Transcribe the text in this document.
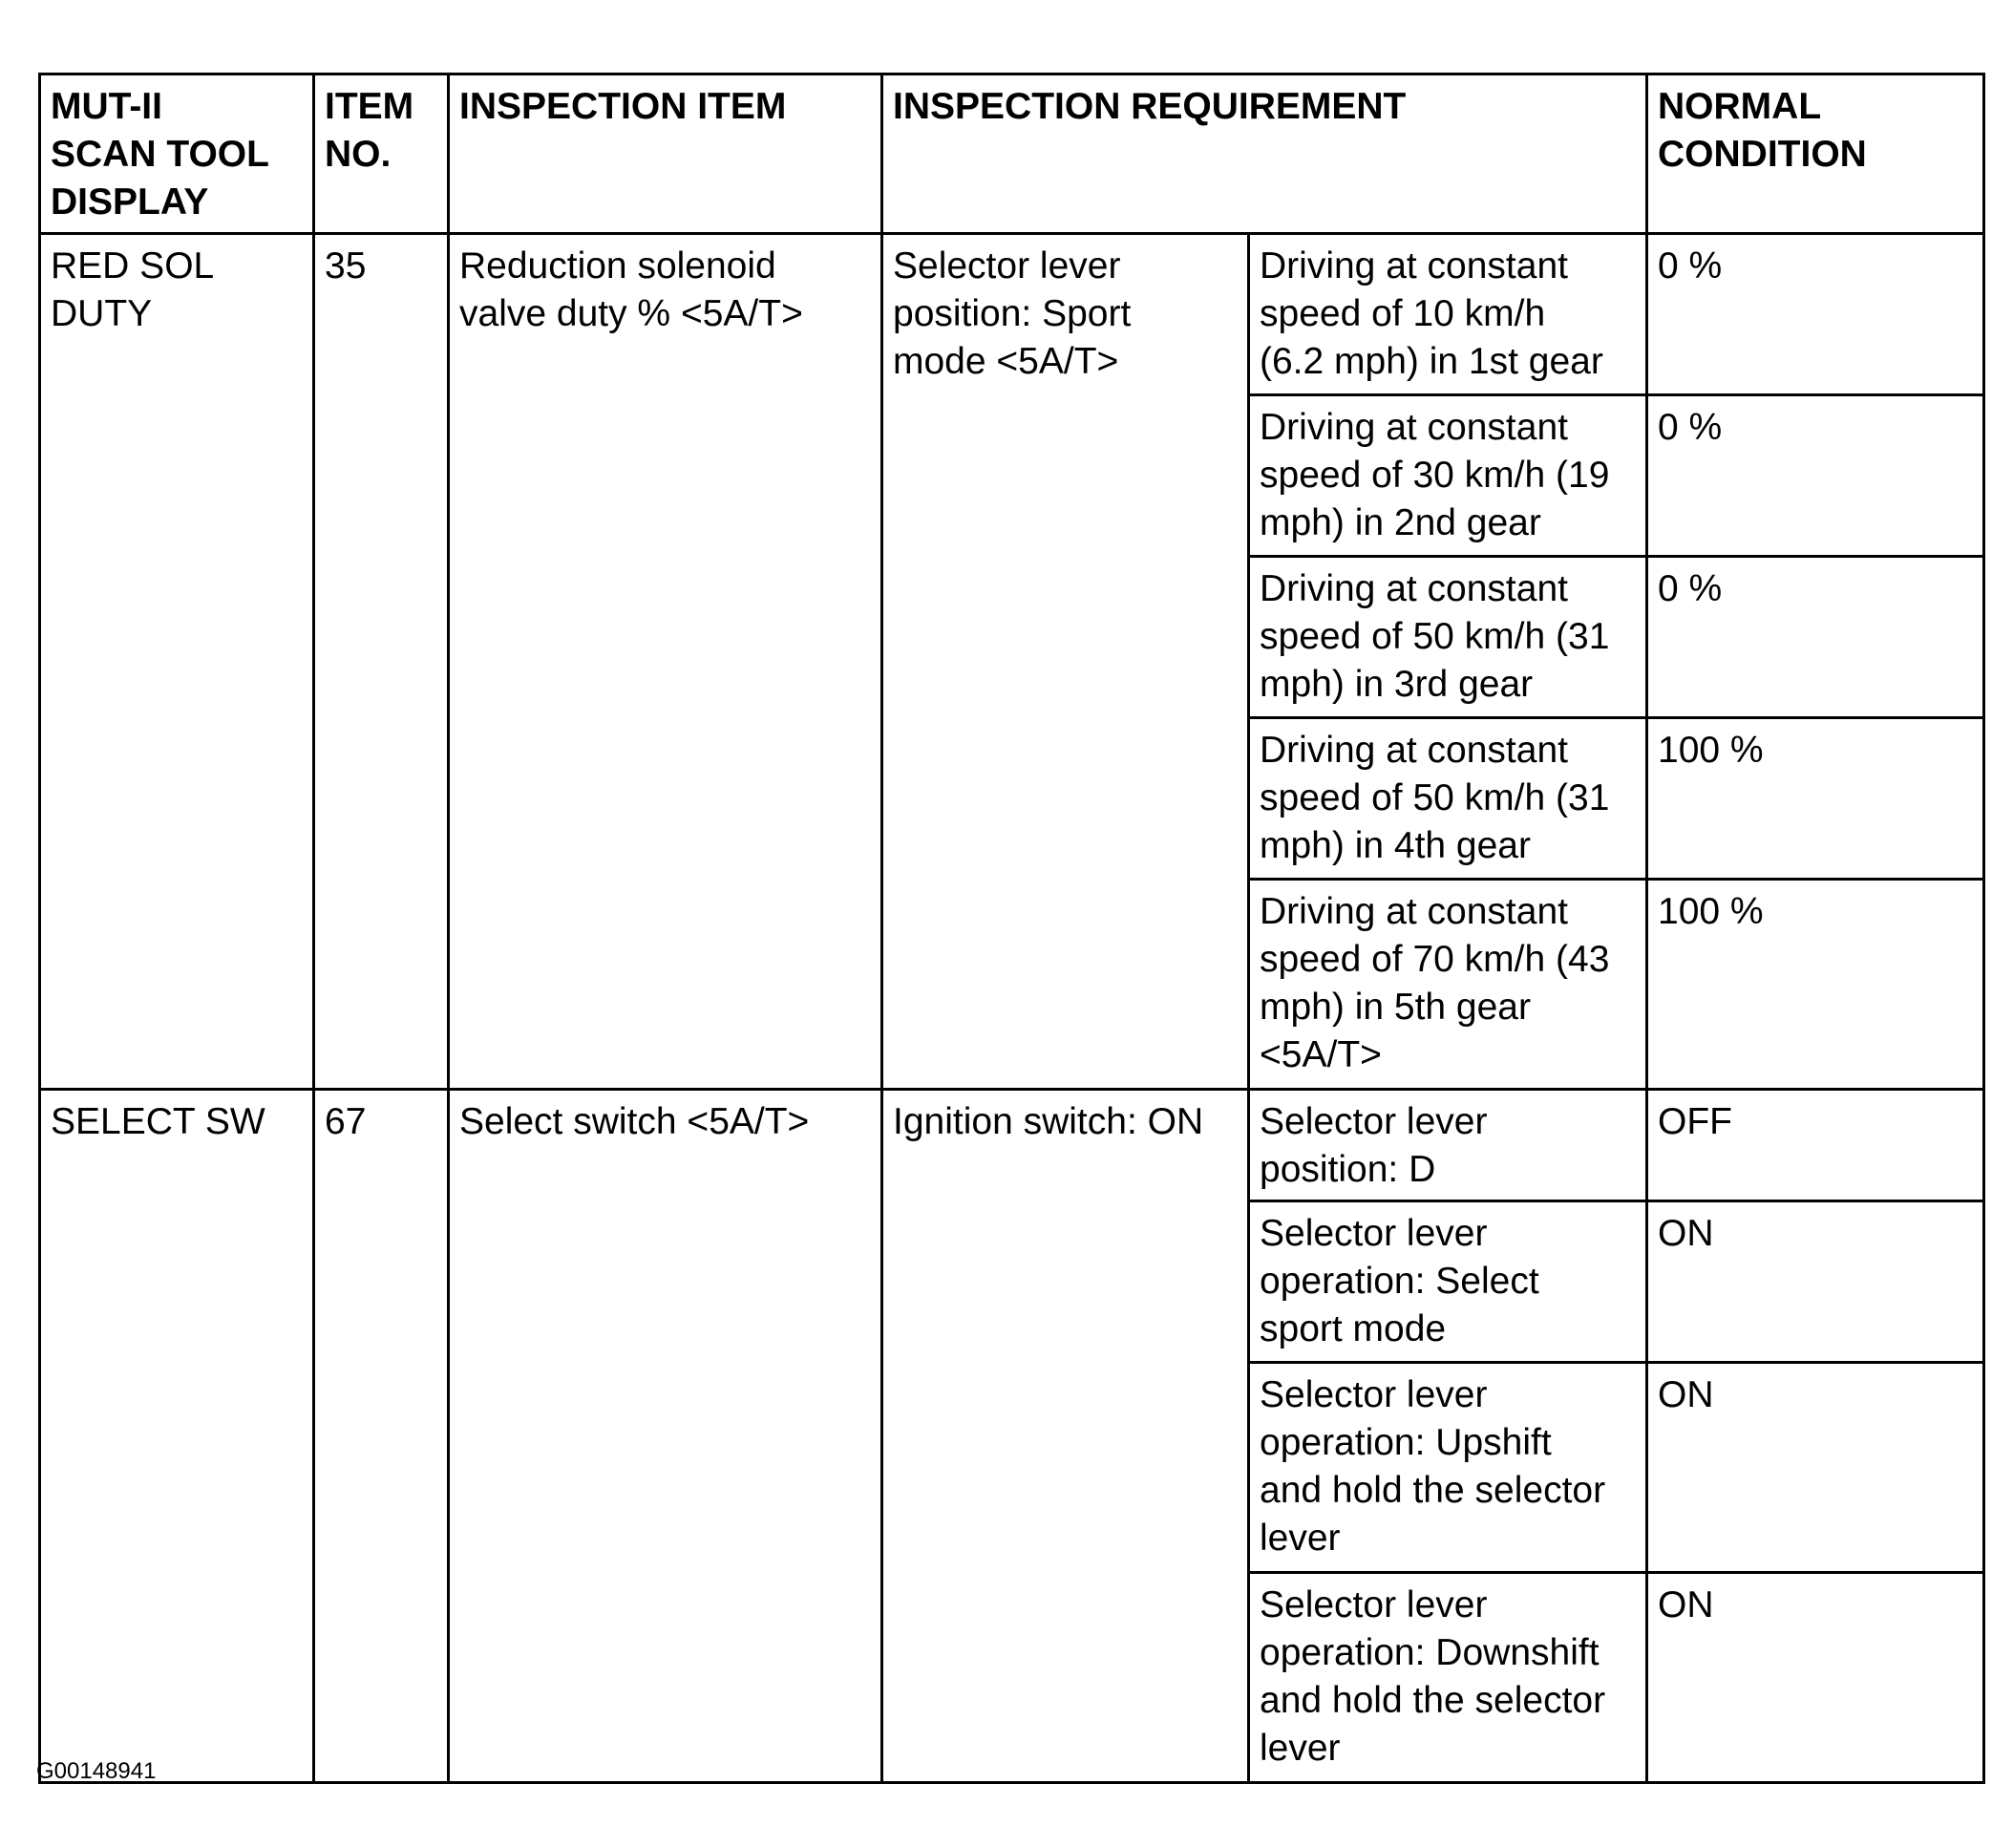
MUT-II
SCAN TOOL
DISPLAY	ITEM
NO.	INSPECTION ITEM	INSPECTION REQUIREMENT		NORMAL
CONDITION
RED SOL
DUTY	35	Reduction solenoid
valve duty % <5A/T>	Selector lever
position: Sport
mode <5A/T>	Driving at constant
speed of 10 km/h
(6.2 mph) in 1st gear	0 %
				Driving at constant
speed of 30 km/h (19
mph) in 2nd gear	0 %
				Driving at constant
speed of 50 km/h (31
mph) in 3rd gear	0 %
				Driving at constant
speed of 50 km/h (31
mph) in 4th gear	100 %
				Driving at constant
speed of 70 km/h (43
mph) in 5th gear
<5A/T>	100 %
SELECT SW	67	Select switch <5A/T>	Ignition switch: ON	Selector lever
position: D	OFF
				Selector lever
operation: Select
sport mode	ON
				Selector lever
operation: Upshift
and hold the selector
lever	ON
				Selector lever
operation: Downshift
and hold the selector
lever	ON
G00148941
